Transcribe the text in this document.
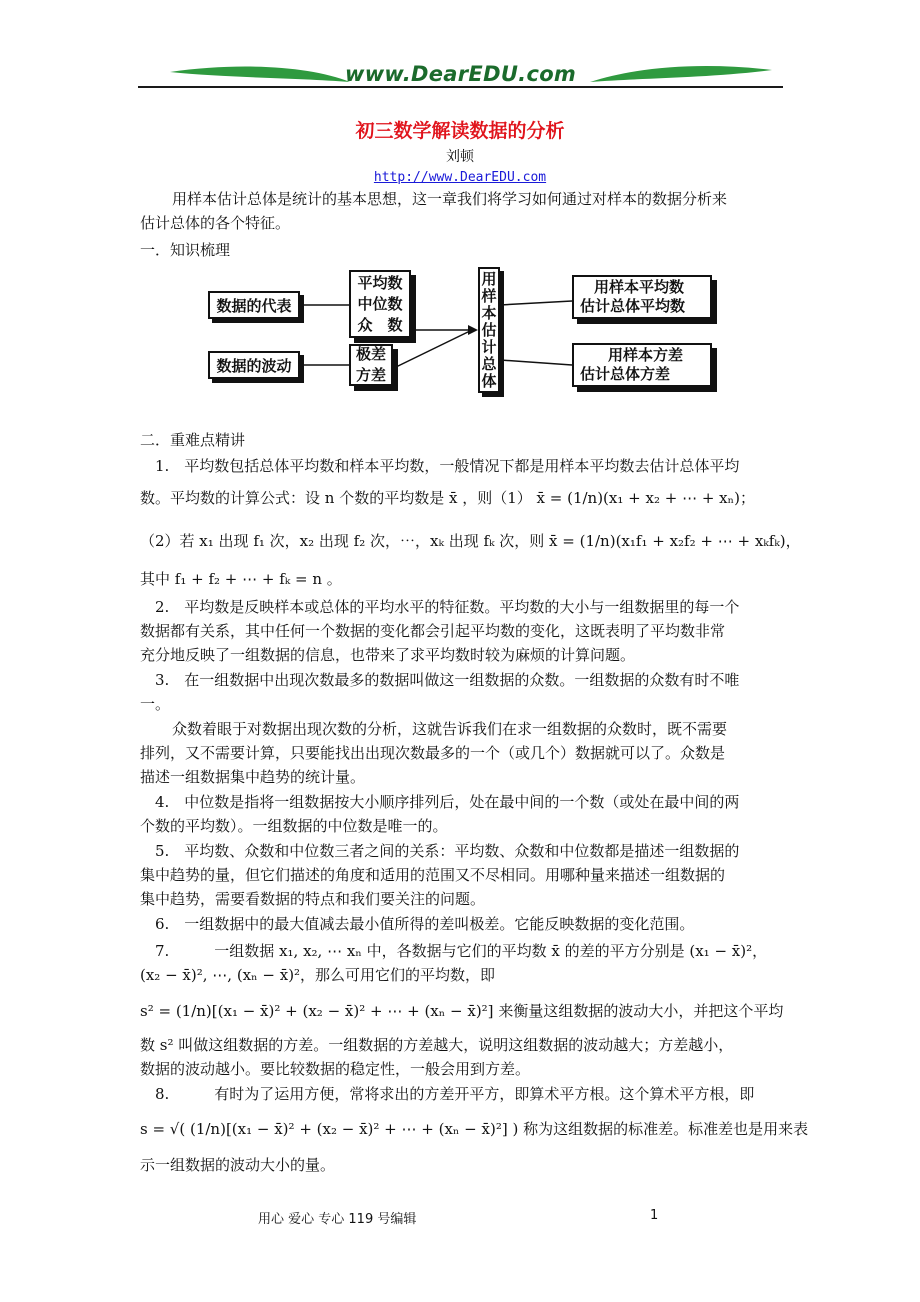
www.DearEDU.com
初三数学解读数据的分析
刘顿
http://www.DearEDU.com
用样本估计总体是统计的基本思想，这一章我们将学习如何通过对样本的数据分析来
估计总体的各个特征。
一．知识梳理
数据的代表
数据的波动
平均数
中位数
众　数
极差
方差
用
样
本
估
计
总
体
用样本平均数
估计总体平均数
用样本方差
估计总体方差
二．重难点精讲
1.　平均数包括总体平均数和样本平均数，一般情况下都是用样本平均数去估计总体平均
数。平均数的计算公式：设 n 个数的平均数是 x̄ ，则（1） x̄ = (1/n)(x₁ + x₂ + ⋯ + xₙ)；
（2）若 x₁ 出现 f₁ 次，x₂ 出现 f₂ 次，⋯，xₖ 出现 fₖ 次，则 x̄ = (1/n)(x₁f₁ + x₂f₂ + ⋯ + xₖfₖ)，
其中 f₁ + f₂ + ⋯ + fₖ = n 。
2.　平均数是反映样本或总体的平均水平的特征数。平均数的大小与一组数据里的每一个
数据都有关系，其中任何一个数据的变化都会引起平均数的变化，这既表明了平均数非常
充分地反映了一组数据的信息，也带来了求平均数时较为麻烦的计算问题。
3.　在一组数据中出现次数最多的数据叫做这一组数据的众数。一组数据的众数有时不唯
一。
众数着眼于对数据出现次数的分析，这就告诉我们在求一组数据的众数时，既不需要
排列，又不需要计算，只要能找出出现次数最多的一个（或几个）数据就可以了。众数是
描述一组数据集中趋势的统计量。
4.　中位数是指将一组数据按大小顺序排列后，处在最中间的一个数（或处在最中间的两
个数的平均数）。一组数据的中位数是唯一的。
5.　平均数、众数和中位数三者之间的关系：平均数、众数和中位数都是描述一组数据的
集中趋势的量，但它们描述的角度和适用的范围又不尽相同。用哪种量来描述一组数据的
集中趋势，需要看数据的特点和我们要关注的问题。
6.　一组数据中的最大值减去最小值所得的差叫极差。它能反映数据的变化范围。
7.　　　一组数据 x₁, x₂, ⋯ xₙ 中，各数据与它们的平均数 x̄ 的差的平方分别是 (x₁ − x̄)²，
(x₂ − x̄)², ⋯, (xₙ − x̄)²，那么可用它们的平均数，即
s² = (1/n)[(x₁ − x̄)² + (x₂ − x̄)² + ⋯ + (xₙ − x̄)²] 来衡量这组数据的波动大小，并把这个平均
数 s² 叫做这组数据的方差。一组数据的方差越大，说明这组数据的波动越大；方差越小，
数据的波动越小。要比较数据的稳定性，一般会用到方差。
8.　　　有时为了运用方便，常将求出的方差开平方，即算术平方根。这个算术平方根，即
s = √( (1/n)[(x₁ − x̄)² + (x₂ − x̄)² + ⋯ + (xₙ − x̄)²] ) 称为这组数据的标准差。标准差也是用来表
示一组数据的波动大小的量。
用心 爱心 专心 119 号编辑	1
